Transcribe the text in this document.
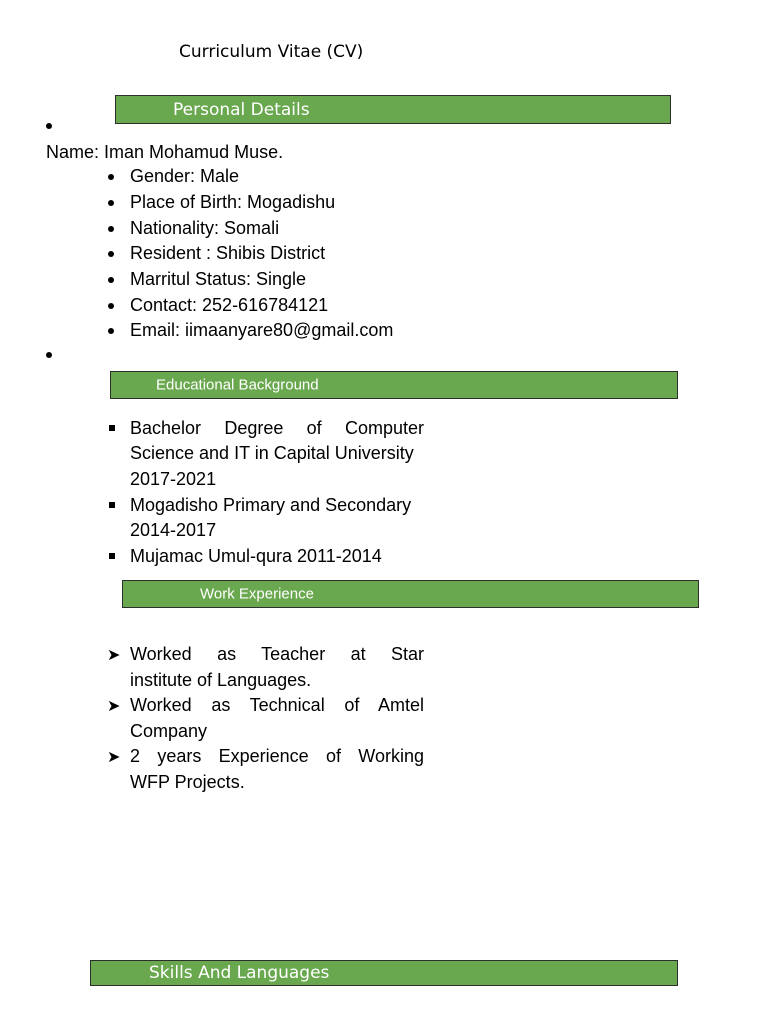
Curriculum Vitae (CV)
Personal Details
Name: Iman Mohamud Muse.
Gender: Male
Place of Birth: Mogadishu
Nationality: Somali
Resident : Shibis District
Marritul Status: Single
Contact: 252-616784121
Email: iimaanyare80@gmail.com
Educational Background
Bachelor Degree of Computer
Science and IT in Capital University
2017-2021
Mogadisho Primary and Secondary
2014-2017
Mujamac Umul-qura 2011-2014
Work Experience
➤ Worked as Teacher at Star
institute of Languages.
➤ Worked as Technical of Amtel
Company
➤ 2 years Experience of Working
WFP Projects.
Skills And Languages
